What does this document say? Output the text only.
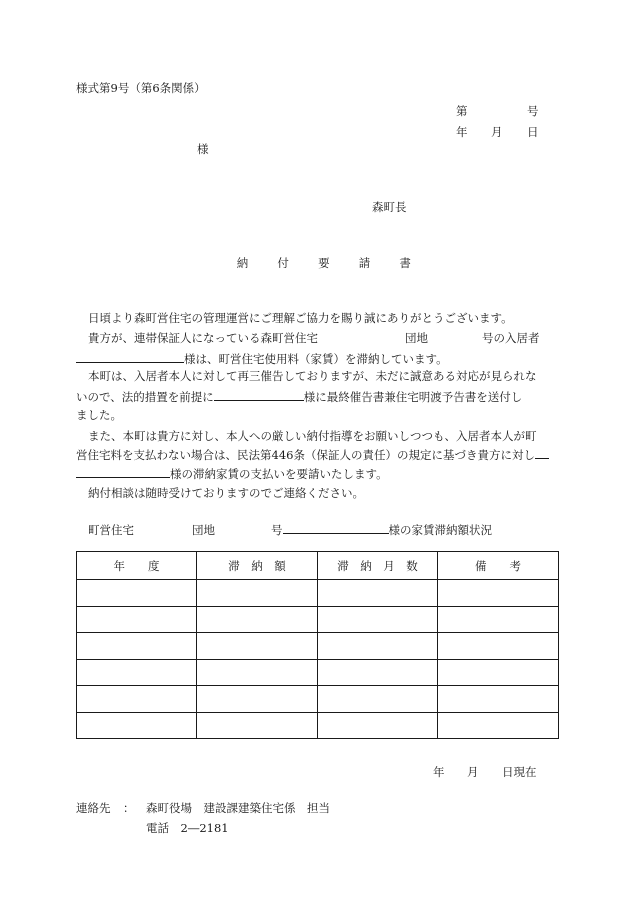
様式第9号（第6条関係）
第	号
年 月 日
様
森町長
納	付	要	請	書
日頃より森町営住宅の管理運営にご理解ご協力を賜り誠にありがとうございます。
貴方が、連帯保証人になっている森町営住宅	団地	号の入居者
様は、町営住宅使用料（家賃）を滞納しています。
本町は、入居者本人に対して再三催告しておりますが、未だに誠意ある対応が見られな
いので、法的措置を前提に	様に最終催告書兼住宅明渡予告書を送付し
ました。
また、本町は貴方に対し、本人への厳しい納付指導をお願いしつつも、入居者本人が町
営住宅料を支払わない場合は、民法第446条（保証人の責任）の規定に基づき貴方に対し
様の滞納家賃の支払いを要請いたします。
納付相談は随時受けておりますのでご連絡ください。
町営住宅	団地	号	様の家賃滞納額状況
年　　度	滞　納　額	滞　納　月　数	備　　考

年 月 日現在
連絡先 ： 森町役場　建設課建築住宅係　担当
電話　2―2181
